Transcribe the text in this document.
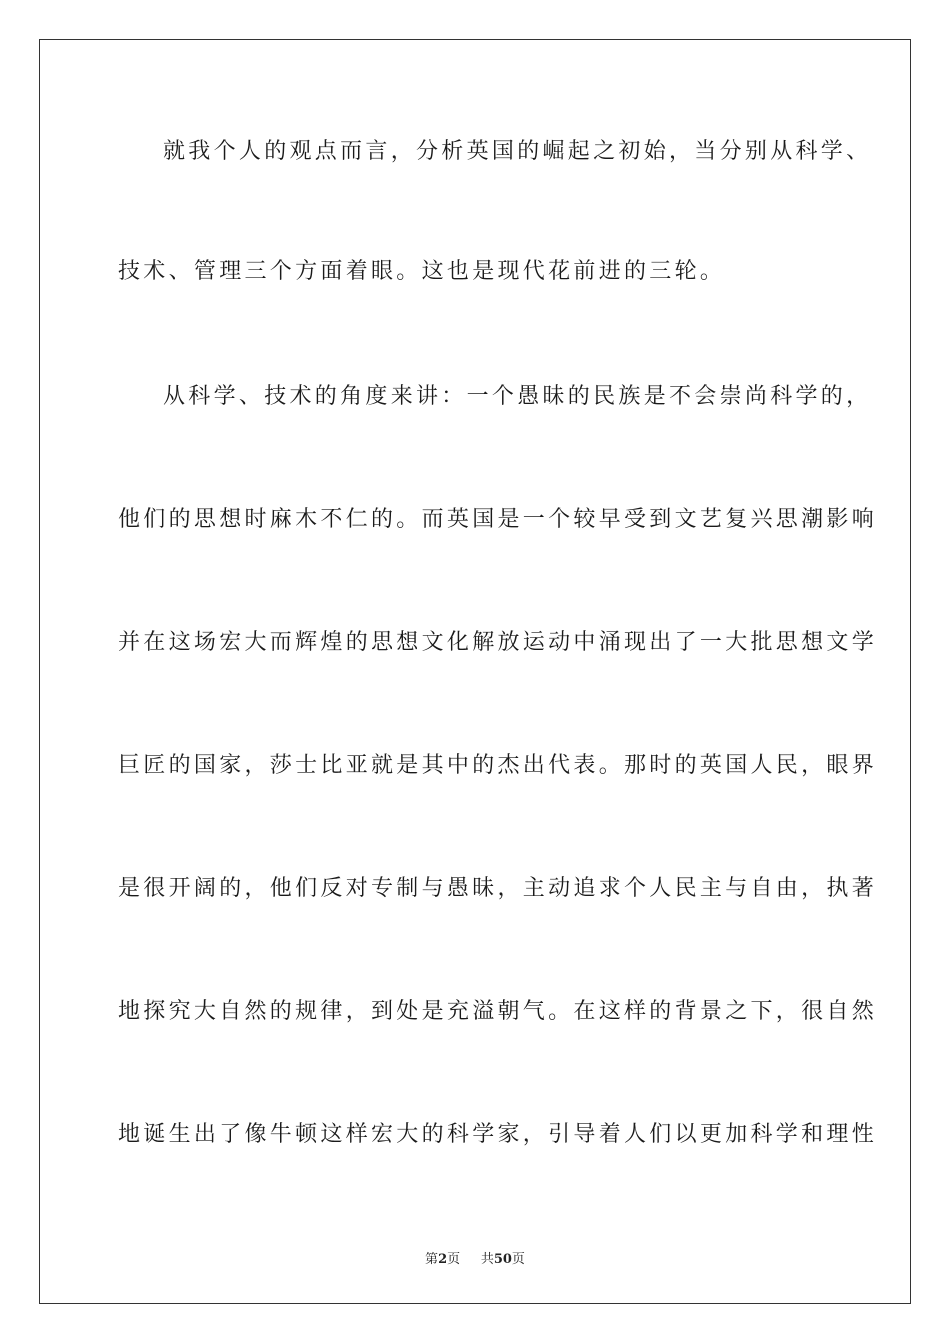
就我个人的观点而言，分析英国的崛起之初始，当分别从科学、
技术、管理三个方面着眼。这也是现代花前进的三轮。
从科学、技术的角度来讲：一个愚昧的民族是不会崇尚科学的，
他们的思想时麻木不仁的。而英国是一个较早受到文艺复兴思潮影响
并在这场宏大而辉煌的思想文化解放运动中涌现出了一大批思想文学
巨匠的国家，莎士比亚就是其中的杰出代表。那时的英国人民，眼界
是很开阔的，他们反对专制与愚昧，主动追求个人民主与自由，执著
地探究大自然的规律，到处是充溢朝气。在这样的背景之下，很自然
地诞生出了像牛顿这样宏大的科学家，引导着人们以更加科学和理性
第2页 共50页
